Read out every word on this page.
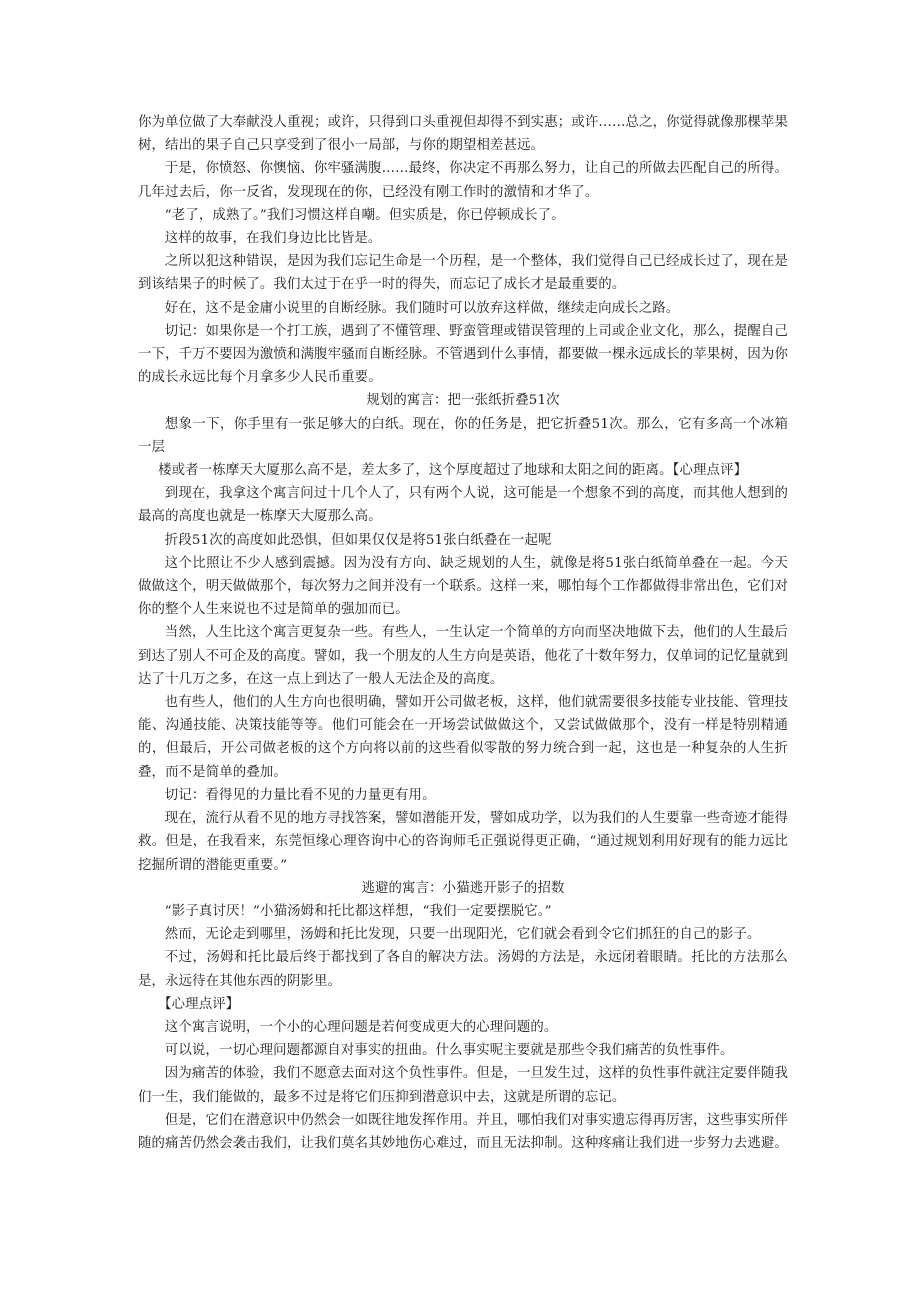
你为单位做了大奉献没人重视；或许，只得到口头重视但却得不到实惠；或许……总之，你觉得就像那棵苹果树，结出的果子自己只享受到了很小一局部，与你的期望相差甚远。

于是，你愤怒、你懊恼、你牢骚满腹……最终，你决定不再那么努力，让自己的所做去匹配自己的所得。几年过去后，你一反省，发现现在的你，已经没有刚工作时的激情和才华了。

“老了，成熟了。”我们习惯这样自嘲。但实质是，你已停顿成长了。

这样的故事，在我们身边比比皆是。

之所以犯这种错误，是因为我们忘记生命是一个历程，是一个整体，我们觉得自己已经成长过了，现在是到该结果子的时候了。我们太过于在乎一时的得失，而忘记了成长才是最重要的。

好在，这不是金庸小说里的自断经脉。我们随时可以放弃这样做，继续走向成长之路。

切记：如果你是一个打工族，遇到了不懂管理、野蛮管理或错误管理的上司或企业文化，那么，提醒自己一下，千万不要因为激愤和满腹牢骚而自断经脉。不管遇到什么事情，都要做一棵永远成长的苹果树，因为你的成长永远比每个月拿多少人民币重要。

规划的寓言：把一张纸折叠51次

想象一下，你手里有一张足够大的白纸。现在，你的任务是，把它折叠51次。那么，它有多高一个冰箱一层

楼或者一栋摩天大厦那么高不是，差太多了，这个厚度超过了地球和太阳之间的距离。【心理点评】

到现在，我拿这个寓言问过十几个人了，只有两个人说，这可能是一个想象不到的高度，而其他人想到的最高的高度也就是一栋摩天大厦那么高。

折段51次的高度如此恐惧，但如果仅仅是将51张白纸叠在一起呢

这个比照让不少人感到震撼。因为没有方向、缺乏规划的人生，就像是将51张白纸简单叠在一起。今天做做这个，明天做做那个，每次努力之间并没有一个联系。这样一来，哪怕每个工作都做得非常出色，它们对你的整个人生来说也不过是简单的强加而已。

当然，人生比这个寓言更复杂一些。有些人，一生认定一个简单的方向而坚决地做下去，他们的人生最后到达了别人不可企及的高度。譬如，我一个朋友的人生方向是英语，他花了十数年努力，仅单词的记忆量就到达了十几万之多，在这一点上到达了一般人无法企及的高度。

也有些人，他们的人生方向也很明确，譬如开公司做老板，这样，他们就需要很多技能专业技能、管理技能、沟通技能、决策技能等等。他们可能会在一开场尝试做做这个，又尝试做做那个，没有一样是特别精通的，但最后，开公司做老板的这个方向将以前的这些看似零散的努力统合到一起，这也是一种复杂的人生折叠，而不是简单的叠加。

切记：看得见的力量比看不见的力量更有用。

现在，流行从看不见的地方寻找答案，譬如潜能开发，譬如成功学，以为我们的人生要靠一些奇迹才能得救。但是，在我看来，东莞恒缘心理咨询中心的咨询师毛正强说得更正确，“通过规划利用好现有的能力远比挖掘所谓的潜能更重要。”

逃避的寓言：小猫逃开影子的招数

“影子真讨厌！”小猫汤姆和托比都这样想，“我们一定要摆脱它。”

然而，无论走到哪里，汤姆和托比发现，只要一出现阳光，它们就会看到令它们抓狂的自己的影子。

不过，汤姆和托比最后终于都找到了各自的解决方法。汤姆的方法是，永远闭着眼睛。托比的方法那么是，永远待在其他东西的阴影里。

【心理点评】

这个寓言说明，一个小的心理问题是若何变成更大的心理问题的。

可以说，一切心理问题都源自对事实的扭曲。什么事实呢主要就是那些令我们痛苦的负性事件。

因为痛苦的体验，我们不愿意去面对这个负性事件。但是，一旦发生过，这样的负性事件就注定要伴随我们一生，我们能做的，最多不过是将它们压抑到潜意识中去，这就是所谓的忘记。

但是，它们在潜意识中仍然会一如既往地发挥作用。并且，哪怕我们对事实遗忘得再厉害，这些事实所伴随的痛苦仍然会袭击我们，让我们莫名其妙地伤心难过，而且无法抑制。这种疼痛让我们进一步努力去逃避。
